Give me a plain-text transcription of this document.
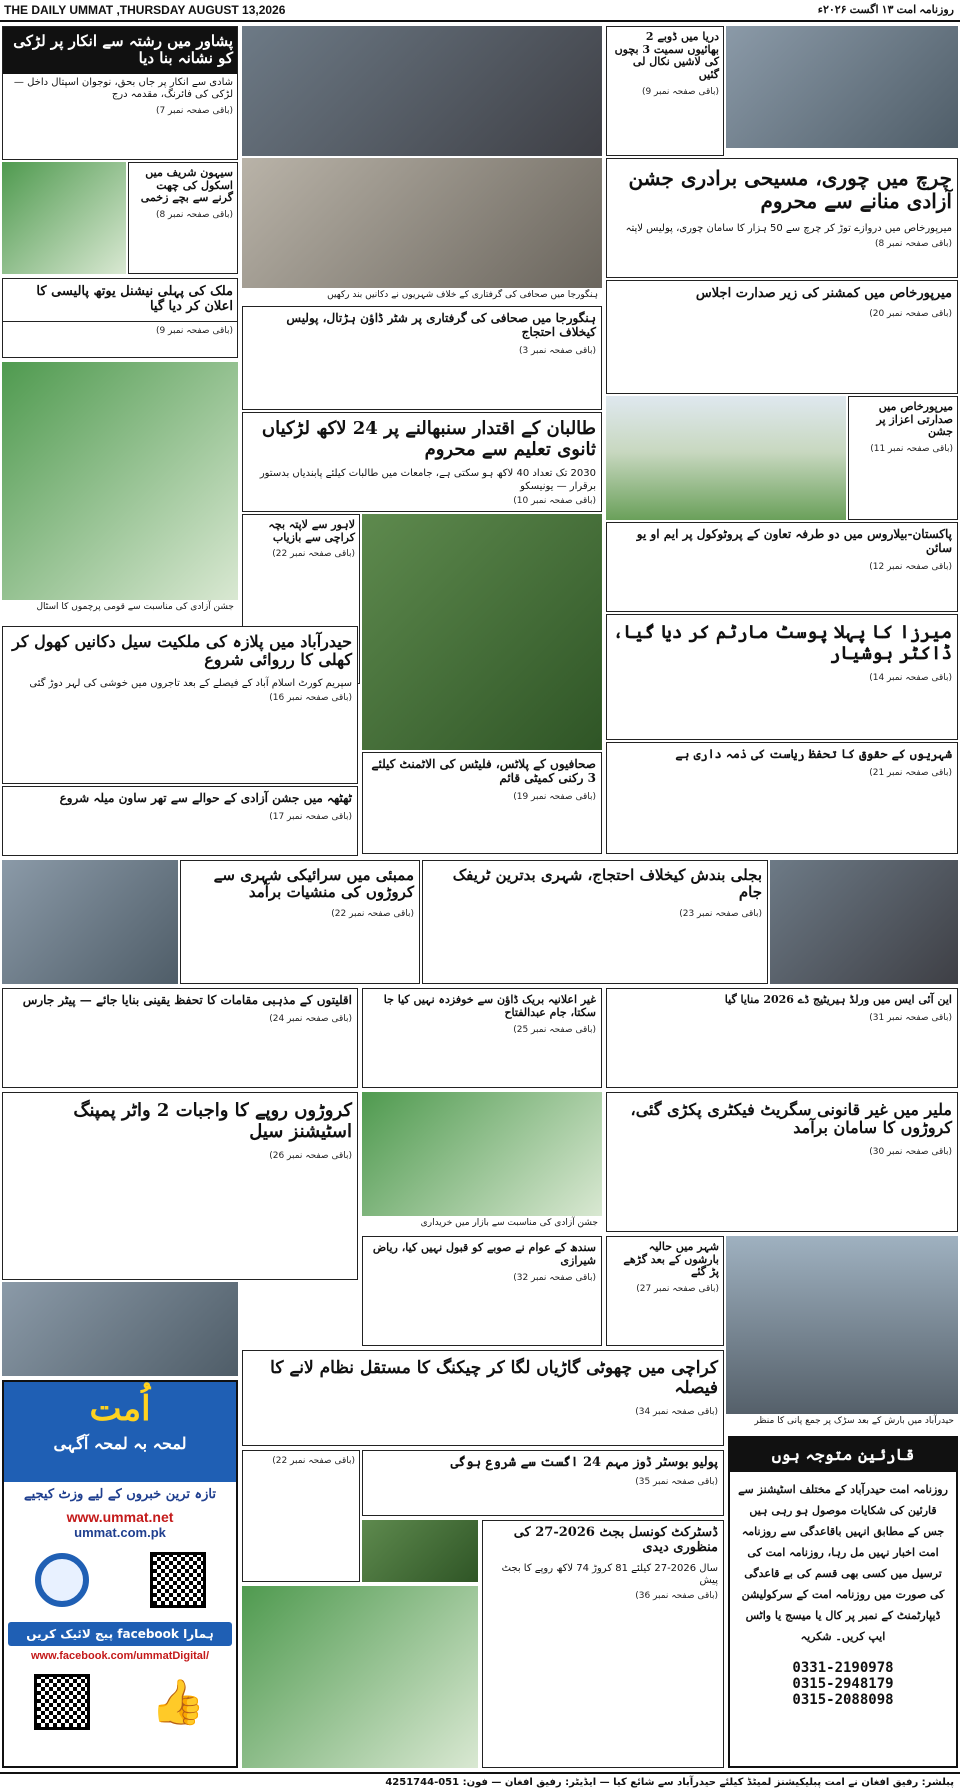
THE DAILY UMMAT ,THURSDAY AUGUST 13,2026	روزنامہ امت ۱۳ اگست ۲۰۲۶ء
پشاور میں رشتہ سے انکار پر لڑکی کو نشانہ بنا دیا
شادی سے انکار پر جاں بحق، نوجوان اسپتال داخل — لڑکی کی فائرنگ، مقدمہ درج
(باقی صفحہ نمبر 7)
سیہون شریف میں اسکول کی چھت گرنے سے بچے زخمی
(باقی صفحہ نمبر 8)
ملک کی پہلی نیشنل یوتھ پالیسی کا اعلان کر دیا گیا
(باقی صفحہ نمبر 9)
جشن آزادی کی مناسبت سے قومی پرچموں کا اسٹال
ہنگورجا میں صحافی کی گرفتاری کے خلاف شہریوں نے دکانیں بند رکھیں
ہنگورجا میں صحافی کی گرفتاری پر شٹر ڈاؤن ہڑتال، پولیس کیخلاف احتجاج
(باقی صفحہ نمبر 3)
طالبان کے اقتدار سنبھالنے پر 24 لاکھ لڑکیاں ثانوی تعلیم سے محروم
2030 تک تعداد 40 لاکھ ہو سکتی ہے، جامعات میں طالبات کیلئے پابندیاں بدستور برقرار — یونیسکو
(باقی صفحہ نمبر 10)
لاہور سے لاپتہ بچہ کراچی سے بازیاب
(باقی صفحہ نمبر 22)
دریا میں ڈوبے 2 بھائیوں سمیت 3 بچوں کی لاشیں نکال لی گئیں
(باقی صفحہ نمبر 9)
چرچ میں چوری، مسیحی برادری جشن آزادی منانے سے محروم
میرپورخاص میں دروازے توڑ کر چرچ سے 50 ہزار کا سامان چوری، پولیس لاپتہ
(باقی صفحہ نمبر 8)
میرپورخاص میں کمشنر کی زیر صدارت اجلاس
(باقی صفحہ نمبر 20)
میرپورخاص میں صدارتی اعزاز پر جشن
(باقی صفحہ نمبر 11)
پاکستان-بیلاروس میں دو طرفہ تعاون کے پروٹوکول پر ایم او یو سائن
(باقی صفحہ نمبر 12)
حیدرآباد میں پلازہ کی ملکیت سیل دکانیں کھول کر کھلی کا رروائی شروع
سپریم کورٹ اسلام آباد کے فیصلے کے بعد تاجروں میں خوشی کی لہر دوڑ گئی
(باقی صفحہ نمبر 16)
ٹھٹھہ میں جشن آزادی کے حوالے سے تھر ساون میلہ شروع
(باقی صفحہ نمبر 17)
صحافیوں کے پلاٹس، فلیٹس کی الاٹمنٹ کیلئے 3 رکنی کمیٹی قائم
(باقی صفحہ نمبر 19)
میرزا کا پہلا پوسٹ مارٹم کر دیا گیا، ڈاکٹر ہوشیار
(باقی صفحہ نمبر 14)
شہریوں کے حقوق کا تحفظ ریاست کی ذمہ داری ہے
(باقی صفحہ نمبر 21)
ممبئی میں سرائیکی شہری سے کروڑوں کی منشیات برآمد
(باقی صفحہ نمبر 22)
بجلی بندش کیخلاف احتجاج، شہری بدترین ٹریفک جام
(باقی صفحہ نمبر 23)
اقلیتوں کے مذہبی مقامات کا تحفظ یقینی بنایا جائے — پیٹر جارس
(باقی صفحہ نمبر 24)
غیر اعلانیہ بریک ڈاؤن سے خوفزدہ نہیں کیا جا سکتا، جام عبدالفتاح
(باقی صفحہ نمبر 25)
این آئی ایس میں ورلڈ ہیریٹیج ڈے 2026 منایا گیا
(باقی صفحہ نمبر 31)
کروڑوں روپے کا واجبات 2 واٹر پمپنگ اسٹیشنز سیل
(باقی صفحہ نمبر 26)
جشن آزادی کی مناسبت سے بازار میں خریداری
ملیر میں غیر قانونی سگریٹ فیکٹری پکڑی گئی، کروڑوں کا سامان برآمد
(باقی صفحہ نمبر 30)
سندھ کے عوام نے صوبے کو قبول نہیں کیا، ریاض شیرازی
(باقی صفحہ نمبر 32)
حیدرآباد میں بارش کے بعد سڑک پر جمع پانی کا منظر
شہر میں حالیہ بارشوں کے بعد گڑھے پڑ گئے
(باقی صفحہ نمبر 27)
کراچی میں چھوٹی گاڑیاں لگا کر چیکنگ کا مستقل نظام لانے کا فیصلہ
(باقی صفحہ نمبر 34)
اُمت
لمحہ بہ لمحہ آگہی
تازہ ترین خبروں کے لیے وزٹ کیجیے
www.ummat.net
ummat.com.pk
ہمارا facebook پیج لائیک کریں
www.facebook.com/ummatDigital/
👍
(باقی صفحہ نمبر 22)	پولیو بوسٹر ڈوز مہم 24 اگست سے شروع ہوگی
(باقی صفحہ نمبر 35)
ڈسٹرکٹ کونسل بجٹ 2026-27 کی منظوری دیدی
سال 2026-27 کیلئے 81 کروڑ 74 لاکھ روپے کا بجٹ پیش
(باقی صفحہ نمبر 36)
قارئین متوجہ ہوں
روزنامہ امت حیدرآباد کے مختلف اسٹیشنز سے قارئین کی شکایات موصول ہو رہی ہیں جس کے مطابق انہیں باقاعدگی سے روزنامہ امت اخبار نہیں مل رہا، روزنامہ امت کی ترسیل میں کسی بھی قسم کی بے قاعدگی کی صورت میں روزنامہ امت کے سرکولیشن ڈیپارٹمنٹ کے نمبر پر کال یا میسج یا واٹس ایپ کریں۔ شکریہ
0331-2190978
0315-2948179
0315-2088098
پبلشر: رفیق افغان نے امت پبلیکیشنز لمیٹڈ کیلئے حیدرآباد سے شائع کیا — ایڈیٹر: رفیق افغان — فون: 051-4251744
